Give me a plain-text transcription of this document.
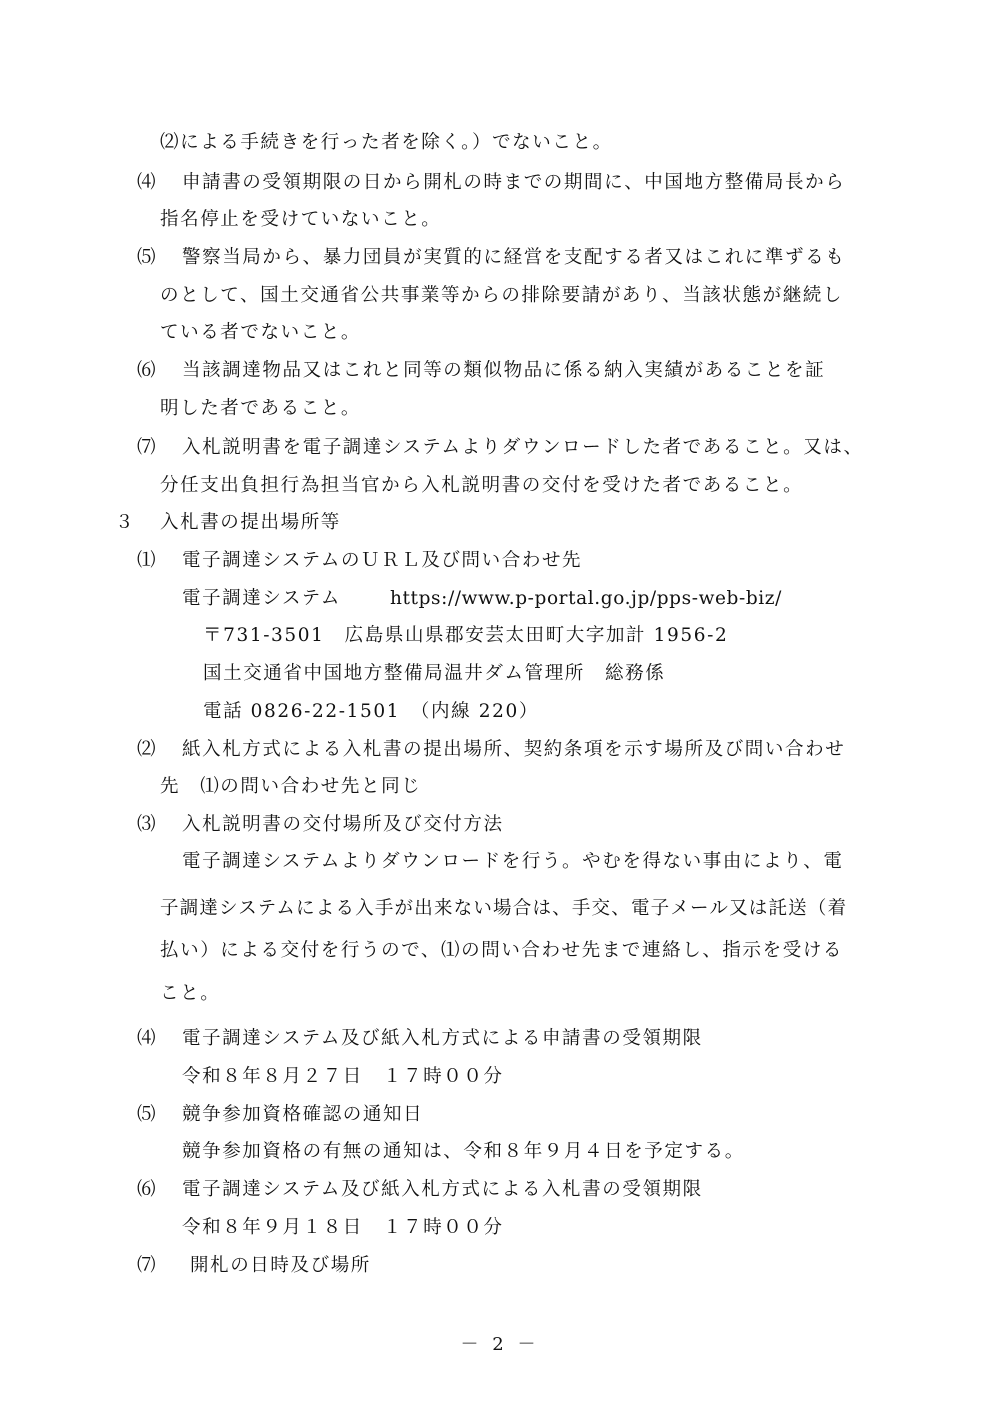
⑵による手続きを行った者を除く。）でないこと。
⑷ 申請書の受領期限の日から開札の時までの期間に、中国地方整備局長から
指名停止を受けていないこと。
⑸ 警察当局から、暴力団員が実質的に経営を支配する者又はこれに準ずるも
のとして、国土交通省公共事業等からの排除要請があり、当該状態が継続し
ている者でないこと。
⑹ 当該調達物品又はこれと同等の類似物品に係る納入実績があることを証
明した者であること。
⑺ 入札説明書を電子調達システムよりダウンロードした者であること。又は、
分任支出負担行為担当官から入札説明書の交付を受けた者であること。
３ 入札書の提出場所等
⑴ 電子調達システムのＵＲＬ及び問い合わせ先
電子調達システム	https://www.p-portal.go.jp/pps-web-biz/
〒731-3501　広島県山県郡安芸太田町大字加計 1956-2
国土交通省中国地方整備局温井ダム管理所　総務係
電話 0826-22-1501　（内線 220）
⑵ 紙入札方式による入札書の提出場所、契約条項を示す場所及び問い合わせ
先　⑴の問い合わせ先と同じ
⑶ 入札説明書の交付場所及び交付方法
電子調達システムよりダウンロードを行う。やむを得ない事由により、電
子調達システムによる入手が出来ない場合は、手交、電子メール又は託送（着
払い）による交付を行うので、⑴の問い合わせ先まで連絡し、指示を受ける
こと。
⑷ 電子調達システム及び紙入札方式による申請書の受領期限
令和８年８月２７日　１７時００分
⑸ 競争参加資格確認の通知日
競争参加資格の有無の通知は、令和８年９月４日を予定する。
⑹ 電子調達システム及び紙入札方式による入札書の受領期限
令和８年９月１８日　１７時００分
⑺ 開札の日時及び場所
－ 2 －
